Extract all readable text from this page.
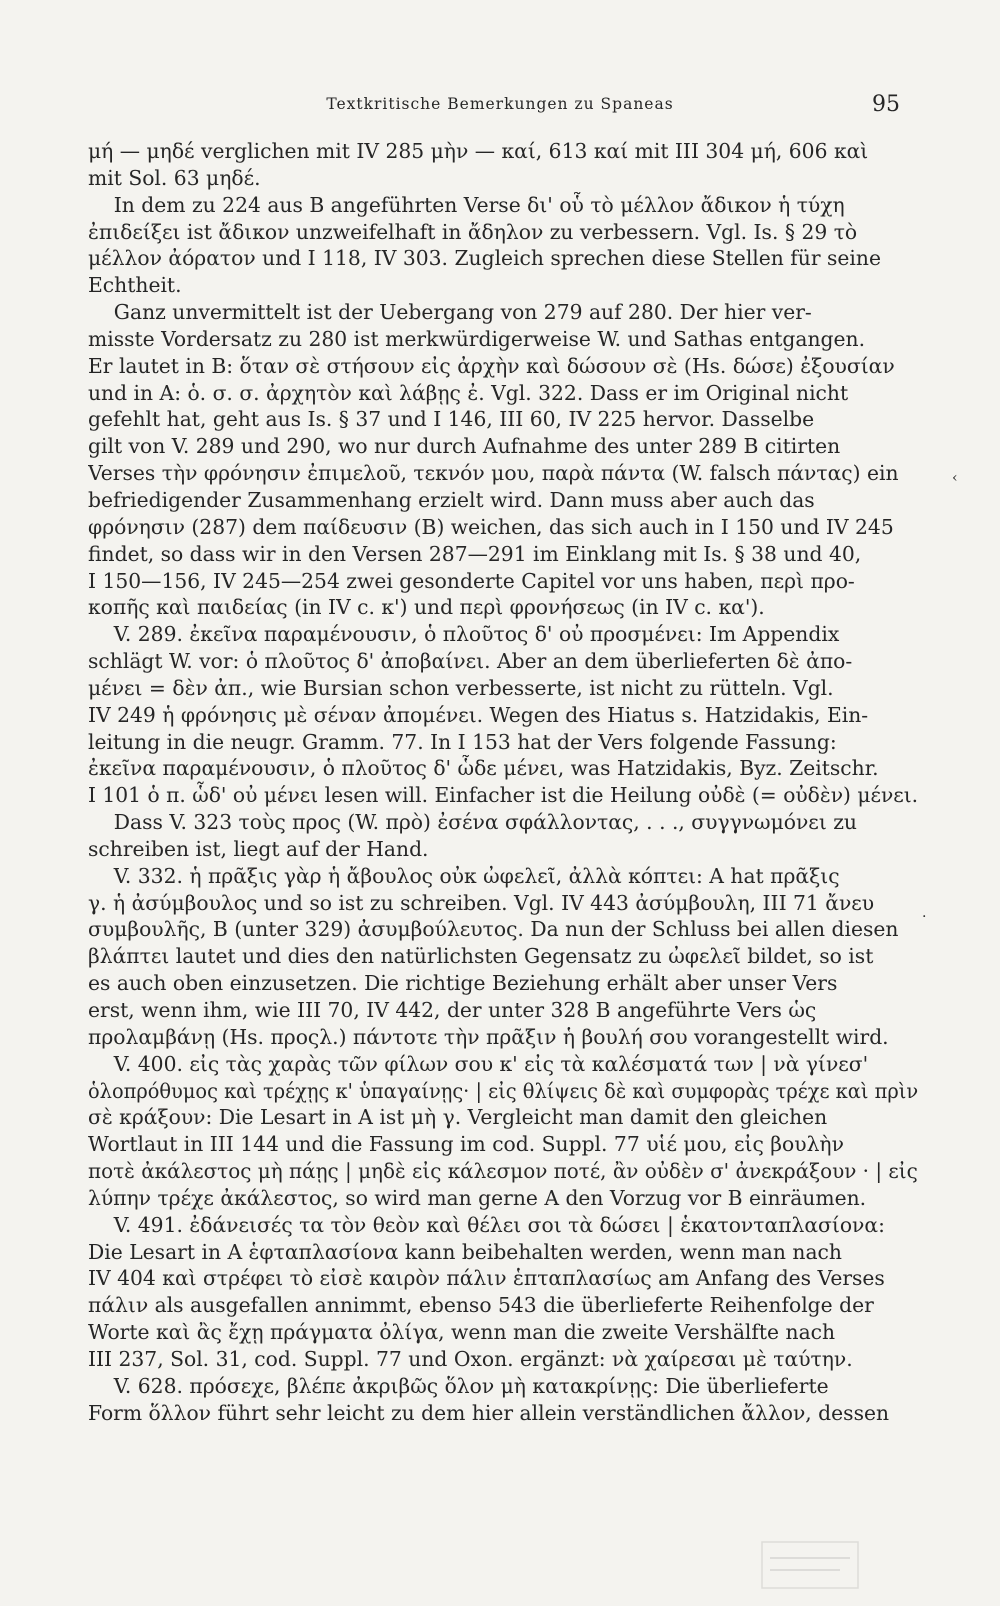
Textkritische Bemerkungen zu Spaneas	95
μή — μηδέ verglichen mit IV 285 μὴν — καί, 613 καί mit III 304 μή, 606 καὶ
mit Sol. 63 μηδέ.
In dem zu 224 aus B angeführten Verse δι' οὗ τὸ μέλλον ἄδικον ἡ τύχη
ἐπιδείξει ist ἄδικον unzweifelhaft in ἄδηλον zu verbessern. Vgl. Is. § 29 τὸ
μέλλον ἀόρατον und I 118, IV 303. Zugleich sprechen diese Stellen für seine
Echtheit.
Ganz unvermittelt ist der Uebergang von 279 auf 280. Der hier ver-
misste Vordersatz zu 280 ist merkwürdigerweise W. und Sathas entgangen.
Er lautet in B: ὅταν σὲ στήσουν εἰς ἀρχὴν καὶ δώσουν σὲ (Hs. δώσε) ἐξουσίαν
und in A: ὁ. σ. σ. ἀρχητὸν καὶ λάβῃς ἐ. Vgl. 322. Dass er im Original nicht
gefehlt hat, geht aus Is. § 37 und I 146, III 60, IV 225 hervor. Dasselbe
gilt von V. 289 und 290, wo nur durch Aufnahme des unter 289 B citirten
Verses τὴν φρόνησιν ἐπιμελοῦ, τεκνόν μου, παρὰ πάντα (W. falsch πάντας) ein
befriedigender Zusammenhang erzielt wird. Dann muss aber auch das
φρόνησιν (287) dem παίδευσιν (B) weichen, das sich auch in I 150 und IV 245
findet, so dass wir in den Versen 287—291 im Einklang mit Is. § 38 und 40,
I 150—156, IV 245—254 zwei gesonderte Capitel vor uns haben, περὶ προ-
κοπῆς καὶ παιδείας (in IV c. κ') und περὶ φρονήσεως (in IV c. κα').
V. 289. ἐκεῖνα παραμένουσιν, ὁ πλοῦτος δ' οὐ προσμένει: Im Appendix
schlägt W. vor: ὁ πλοῦτος δ' ἀποβαίνει. Aber an dem überlieferten δὲ ἀπο-
μένει = δὲν ἀπ., wie Bursian schon verbesserte, ist nicht zu rütteln. Vgl.
IV 249 ἡ φρόνησις μὲ σέναν ἀπομένει. Wegen des Hiatus s. Hatzidakis, Ein-
leitung in die neugr. Gramm. 77. In I 153 hat der Vers folgende Fassung:
ἐκεῖνα παραμένουσιν, ὁ πλοῦτος δ' ὧδε μένει, was Hatzidakis, Byz. Zeitschr.
I 101 ὁ π. ὧδ' οὐ μένει lesen will. Einfacher ist die Heilung οὐδὲ (= οὐδὲν) μένει.
Dass V. 323 τοὺς προς (W. πρὸ) ἐσένα σφάλλοντας, . . ., συγγνωμόνει zu
schreiben ist, liegt auf der Hand.
V. 332. ἡ πρᾶξις γὰρ ἡ ἄβουλος οὐκ ὠφελεῖ, ἀλλὰ κόπτει: A hat πρᾶξις
γ. ἡ ἀσύμβουλος und so ist zu schreiben. Vgl. IV 443 ἀσύμβουλη, III 71 ἄνευ
συμβουλῆς, B (unter 329) ἀσυμβούλευτος. Da nun der Schluss bei allen diesen
βλάπτει lautet und dies den natürlichsten Gegensatz zu ὠφελεῖ bildet, so ist
es auch oben einzusetzen. Die richtige Beziehung erhält aber unser Vers
erst, wenn ihm, wie III 70, IV 442, der unter 328 B angeführte Vers ὡς
προλαμβάνῃ (Hs. προςλ.) πάντοτε τὴν πρᾶξιν ἡ βουλή σου vorangestellt wird.
V. 400. εἰς τὰς χαρὰς τῶν φίλων σου κ' εἰς τὰ καλέσματά των | νὰ γίνεσ'
ὁλοπρόθυμος καὶ τρέχῃς κ' ὑπαγαίνῃς· | εἰς θλίψεις δὲ καὶ συμφορὰς τρέχε καὶ πρὶν
σὲ κράξουν: Die Lesart in A ist μὴ γ. Vergleicht man damit den gleichen
Wortlaut in III 144 und die Fassung im cod. Suppl. 77 υἱέ μου, εἰς βουλὴν
ποτὲ ἀκάλεστος μὴ πάῃς | μηδὲ εἰς κάλεσμον ποτέ, ἂν οὐδὲν σ' ἀνεκράξουν · | εἰς
λύπην τρέχε ἀκάλεστος, so wird man gerne A den Vorzug vor B einräumen.
V. 491. ἐδάνεισές τα τὸν θεὸν καὶ θέλει σοι τὰ δώσει | ἑκατονταπλασίονα:
Die Lesart in A ἑφταπλασίονα kann beibehalten werden, wenn man nach
IV 404 καὶ στρέφει τὸ εἰσὲ καιρὸν πάλιν ἑπταπλασίως am Anfang des Verses
πάλιν als ausgefallen annimmt, ebenso 543 die überlieferte Reihenfolge der
Worte καὶ ἂς ἔχῃ πράγματα ὀλίγα, wenn man die zweite Vershälfte nach
III 237, Sol. 31, cod. Suppl. 77 und Oxon. ergänzt: νὰ χαίρεσαι μὲ ταύτην.
V. 628. πρόσεχε, βλέπε ἀκριβῶς ὅλον μὴ κατακρίνῃς: Die überlieferte
Form ὅλλον führt sehr leicht zu dem hier allein verständlichen ἄλλον, dessen
‹
.
